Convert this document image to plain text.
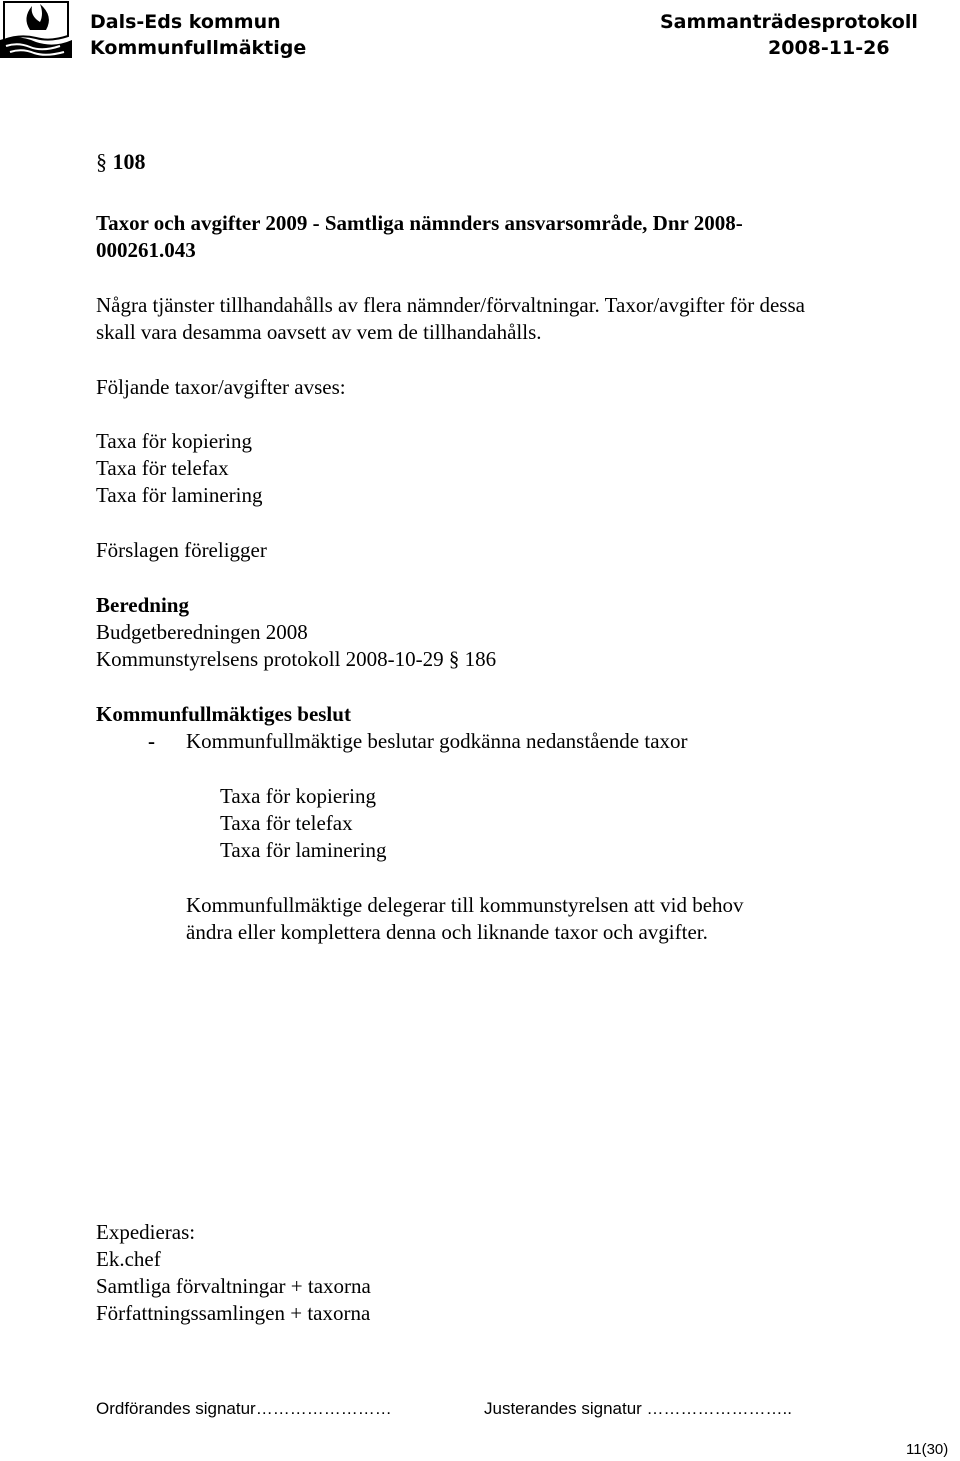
Dals-Eds kommun
Kommunfullmäktige
Sammanträdesprotokoll
2008-11-26
§ 108
Taxor och avgifter 2009 - Samtliga nämnders ansvarsområde, Dnr 2008-
000261.043
Några tjänster tillhandahålls av flera nämnder/förvaltningar. Taxor/avgifter för dessa
skall vara desamma oavsett av vem de tillhandahålls.
Följande taxor/avgifter avses:
Taxa för kopiering
Taxa för telefax
Taxa för laminering
Förslagen föreligger
Beredning
Budgetberedningen 2008
Kommunstyrelsens protokoll 2008-10-29 § 186
Kommunfullmäktiges beslut
- Kommunfullmäktige beslutar godkänna nedanstående taxor
Taxa för kopiering
Taxa för telefax
Taxa för laminering
Kommunfullmäktige delegerar till kommunstyrelsen att vid behov
ändra eller komplettera denna och liknande taxor och avgifter.
Expedieras:
Ek.chef
Samtliga förvaltningar + taxorna
Författningssamlingen + taxorna
Ordförandes signatur……………………	Justerandes signatur ……………………..
11(30)
